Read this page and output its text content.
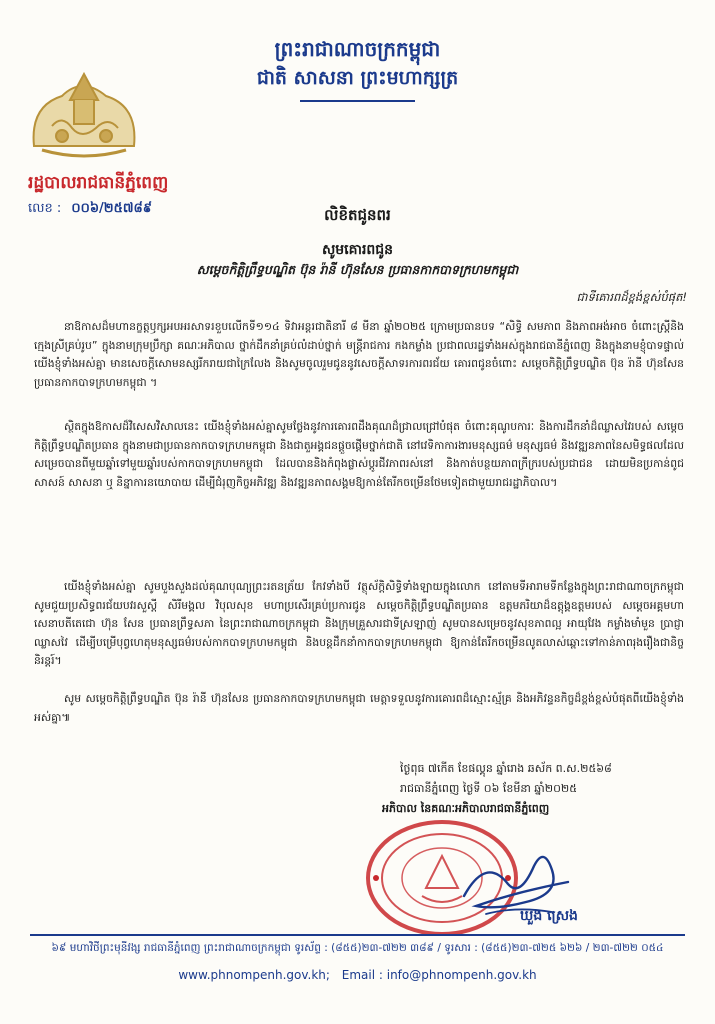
ព្រះរាជាណាចក្រកម្ពុជា
ជាតិ សាសនា ព្រះមហាក្សត្រ
រដ្ឋបាលរាជធានីភ្នំពេញ
លេខ : ០០៦/២៥៧៨៩	លិខិតជូនពរ
សូមគោរពជូន
សម្តេចកិត្តិព្រឹទ្ធបណ្ឌិត ប៊ុន រ៉ានី ហ៊ុនសែន ប្រធានកាកបាទក្រហមកម្ពុជា
ជាទីគោរពដ៏ខ្ពង់ខ្ពស់បំផុត!

នាឱកាសដ៏មហានក្ខត្តឫក្សអបអរសាទរខួបលើកទី១១៤ ទិវាអន្តរជាតិនារី ៨ មីនា ឆ្នាំ២០២៥ ក្រោមប្រធានបទ “សិទ្ធិ សមភាព និងភាពអង់អាច ចំពោះស្ត្រីនិងក្មេងស្រីគ្រប់រូប” ក្នុងនាមក្រុមប្រឹក្សា គណៈអភិបាល ថ្នាក់ដឹកនាំគ្រប់លំដាប់ថ្នាក់ មន្ត្រីរាជការ កងកម្លាំង ប្រជាពលរដ្ឋទាំងអស់ក្នុងរាជធានីភ្នំពេញ និងក្នុងនាមខ្ញុំបាទផ្ទាល់ យើងខ្ញុំទាំងអស់គ្នា មានសេចក្តីសោមនស្សរីករាយជាក្រៃលែង និងសូមចូលរួមជូននូវសេចក្តីសាទរការពរជ័យ គោរពជូនចំពោះ សម្តេចកិត្តិព្រឹទ្ធបណ្ឌិត ប៊ុន រ៉ានី ហ៊ុនសែន ប្រធានកាកបាទក្រហមកម្ពុជា ។

ស្ថិតក្នុងឱកាសដ៏វិសេសវិសាលនេះ យើងខ្ញុំទាំងអស់គ្នាសូមថ្លែងនូវការគោរពដឹងគុណដ៏ជ្រាលជ្រៅបំផុត ចំពោះគុណូបការៈ និងការដឹកនាំដ៏ឈ្លាសវៃរបស់ សម្តេចកិត្តិព្រឹទ្ធបណ្ឌិតប្រធាន ក្នុងនាមជាប្រធានកាកបាទក្រហមកម្ពុជា និងជាតួអង្គជនផ្តួចផ្តើមថ្នាក់ជាតិ នៅវេទិកាការងារមនុស្សធម៌ មនុស្សធម៌ និងវឌ្ឍនភាពនៃសមិទ្ធផលដែលសម្រេចបានពីមួយឆ្នាំទៅមួយឆ្នាំរបស់កាកបាទក្រហមកម្ពុជា ដែលបាននិងកំពុងផ្លាស់ប្តូរជីវភាពរស់នៅ និងកាត់បន្ថយភាពក្រីក្ររបស់ប្រជាជន ដោយមិនប្រកាន់ពូជសាសន៍ សាសនា ឬ និន្នាការនយោបាយ ដើម្បីជំរុញកិច្ចអភិវឌ្ឍ និងវឌ្ឍនភាពសង្គមឱ្យកាន់តែរីកចម្រើនថែមទៀតជាមួយរាជរដ្ឋាភិបាល។

យើងខ្ញុំទាំងអស់គ្នា សូមបួងសួងដល់គុណបុណ្យព្រះរតនត្រ័យ កែវទាំងបី វត្ថុស័ក្តិសិទ្ធិទាំងឡាយក្នុងលោក នៅតាមទីអារាមទីកន្លែងក្នុងព្រះរាជាណាចក្រកម្ពុជា សូមជួយប្រសិទ្ធពរជ័យបវរសួស្តី សិរីមង្គល វិបុលសុខ មហាប្រសើរគ្រប់ប្រការជូន សម្តេចកិត្តិព្រឹទ្ធបណ្ឌិតប្រធាន ឧត្តមភរិយាដ៏ឧត្តុង្គឧត្តមរបស់ សម្តេចអគ្គមហាសេនាបតីតេជោ ហ៊ុន សែន ប្រធានព្រឹទ្ធសភា នៃព្រះរាជាណាចក្រកម្ពុជា និងក្រុមគ្រួសារជាទីស្រឡាញ់ សូមបានសម្រេចនូវសុខភាពល្អ អាយុវែង កម្លាំងមាំមួន ប្រាជ្ញាឈ្លាសវៃ ដើម្បីបម្រើបុព្វហេតុមនុស្សធម៌របស់កាកបាទក្រហមកម្ពុជា និងបន្តដឹកនាំកាកបាទក្រហមកម្ពុជា ឱ្យកាន់តែរីកចម្រើនលូតលាស់ឆ្ពោះទៅកាន់ភាពរុងរឿងជានិច្ចនិរន្តរ៍។

សូម សម្តេចកិត្តិព្រឹទ្ធបណ្ឌិត ប៊ុន រ៉ានី ហ៊ុនសែន ប្រធានកាកបាទក្រហមកម្ពុជា មេត្តាទទួលនូវការគោរពដ៏ស្មោះស្ម័គ្រ និងអភិវន្ទនកិច្ចដ៏ខ្ពង់ខ្ពស់បំផុតពីយើងខ្ញុំទាំងអស់គ្នា៕

ថ្ងៃពុធ ៧កើត ខែផល្គុន ឆ្នាំរោង ឆស័ក ព.ស.២៥៦៨
រាជធានីភ្នំពេញ ថ្ងៃទី ០៦ ខែមីនា ឆ្នាំ២០២៥
អភិបាល នៃគណៈអភិបាលរាជធានីភ្នំពេញ
ឃួង ស្រេង
៦៩ មហាវិថីព្រះមុនីវង្ស រាជធានីភ្នំពេញ ព្រះរាជាណាចក្រកម្ពុជា ទូរស័ព្ទ : (៨៥៥)២៣-៧២២ ៣៨៩ / ទូរសារ : (៨៥៥)២៣-៧២៥ ៦២៦ / ២៣-៧២២ ០៥៤
www.phnompenh.gov.kh; Email : info@phnompenh.gov.kh
